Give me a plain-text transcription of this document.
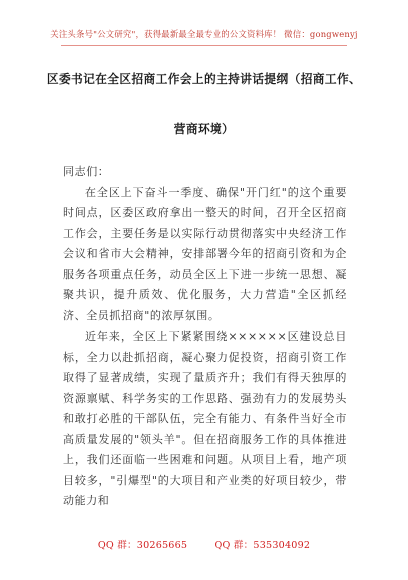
关注头条号"公文研究"，获得最新最全最专业的公文资料库！ 微信：gongwenyj
区委书记在全区招商工作会上的主持讲话提纲（招商工作、
营商环境）

同志们：

在全区上下奋斗一季度、确保"开门红"的这个重要时间点，区委区政府拿出一整天的时间，召开全区招商工作会，主要任务是以实际行动贯彻落实中央经济工作会议和省市大会精神，安排部署今年的招商引资和为企服务各项重点任务，动员全区上下进一步统一思想、凝聚共识，提升质效、优化服务，大力营造"全区抓经济、全员抓招商"的浓厚氛围。

近年来，全区上下紧紧围绕××××××区建设总目标，全力以赴抓招商，凝心聚力促投资，招商引资工作取得了显著成绩，实现了量质齐升；我们有得天独厚的资源禀赋、科学务实的工作思路、强劲有力的发展势头和敢打必胜的干部队伍，完全有能力、有条件当好全市高质量发展的"领头羊"。但在招商服务工作的具体推进上，我们还面临一些困难和问题。从项目上看，地产项目较多，"引爆型"的大项目和产业类的好项目较少，带动能力和

QQ 群：30265665	QQ 群：535304092
